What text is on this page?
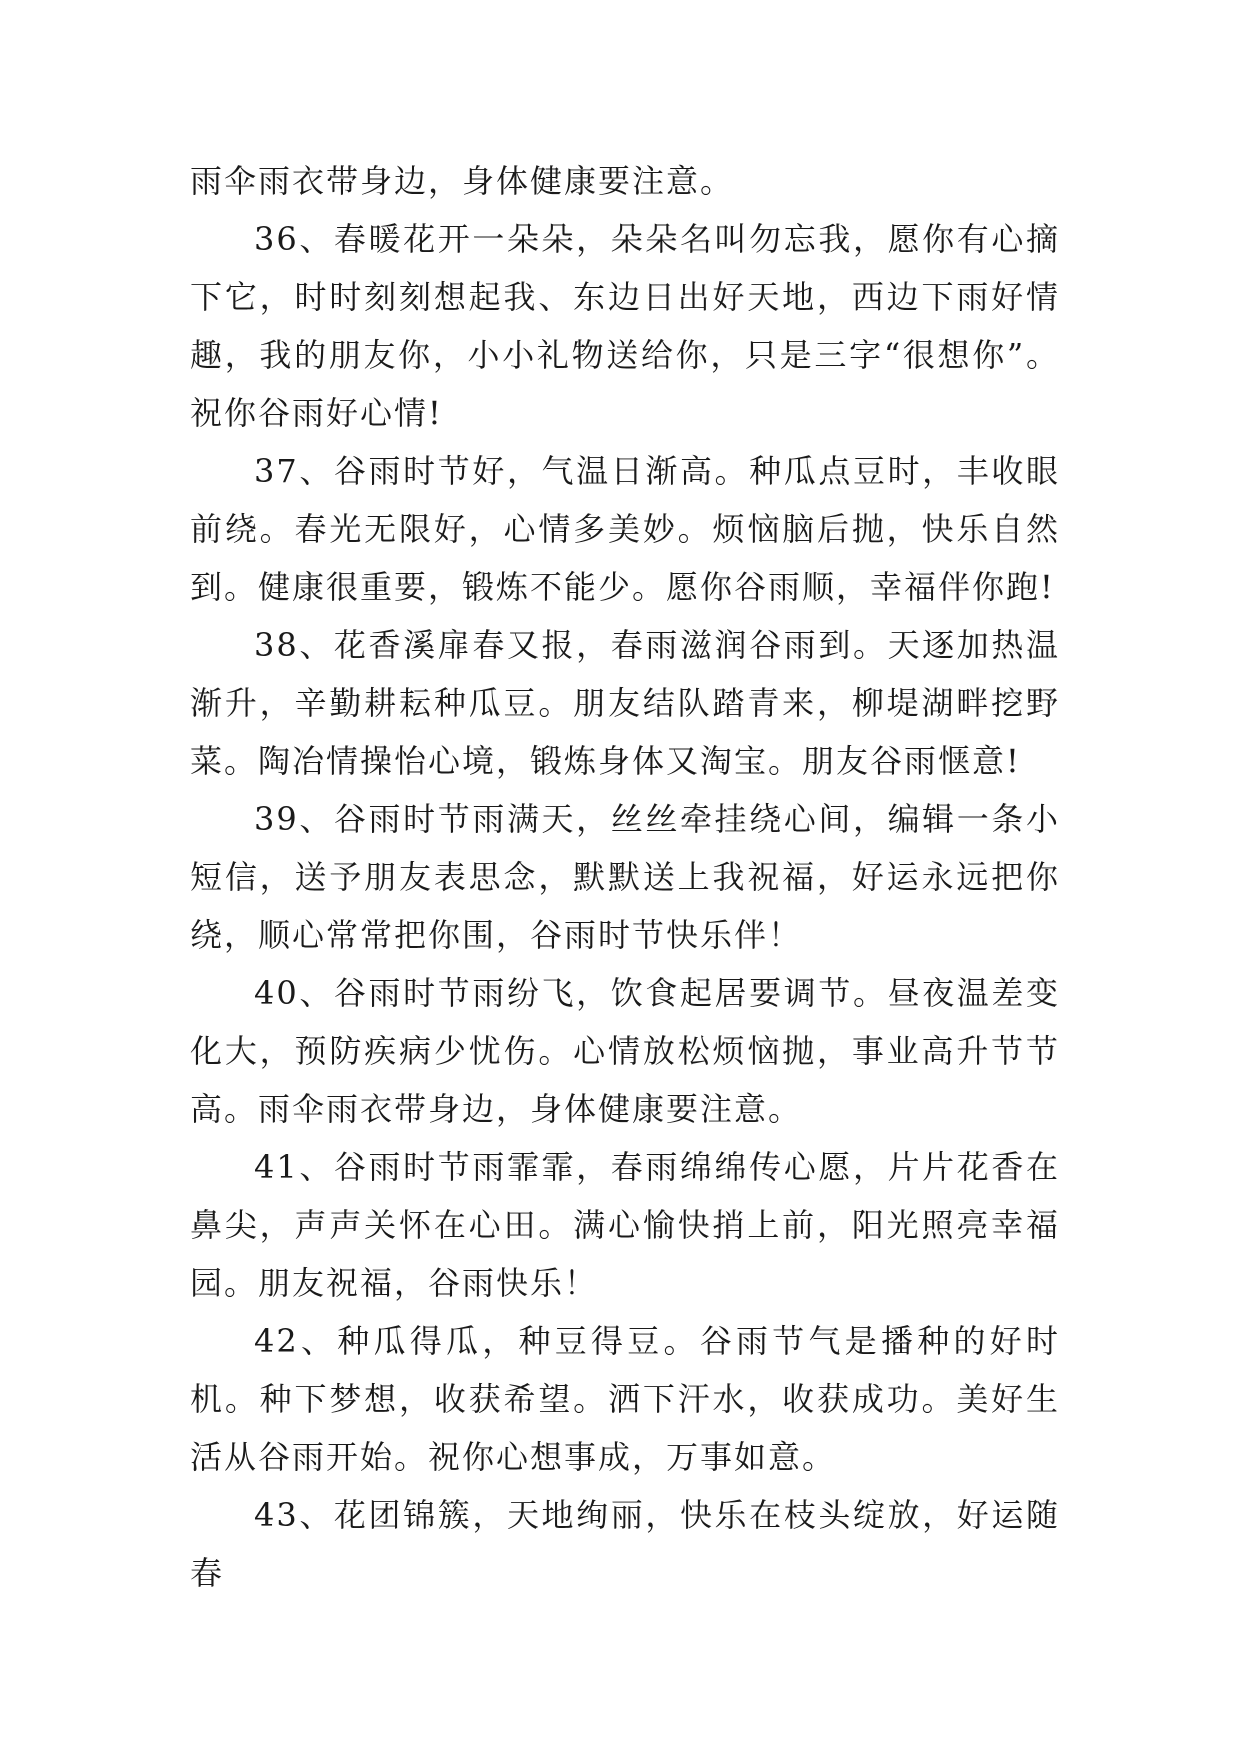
雨伞雨衣带身边，身体健康要注意。

36、春暖花开一朵朵，朵朵名叫勿忘我，愿你有心摘下它，时时刻刻想起我、东边日出好天地，西边下雨好情趣，我的朋友你，小小礼物送给你，只是三字“很想你”。祝你谷雨好心情!

37、谷雨时节好，气温日渐高。种瓜点豆时，丰收眼前绕。春光无限好，心情多美妙。烦恼脑后抛，快乐自然到。健康很重要，锻炼不能少。愿你谷雨顺，幸福伴你跑!

38、花香溪扉春又报，春雨滋润谷雨到。天逐加热温渐升，辛勤耕耘种瓜豆。朋友结队踏青来，柳堤湖畔挖野菜。陶冶情操怡心境，锻炼身体又淘宝。朋友谷雨惬意!

39、谷雨时节雨满天，丝丝牵挂绕心间，编辑一条小短信，送予朋友表思念，默默送上我祝福，好运永远把你绕，顺心常常把你围，谷雨时节快乐伴！

40、谷雨时节雨纷飞，饮食起居要调节。昼夜温差变化大，预防疾病少忧伤。心情放松烦恼抛，事业高升节节高。雨伞雨衣带身边，身体健康要注意。

41、谷雨时节雨霏霏，春雨绵绵传心愿，片片花香在鼻尖，声声关怀在心田。满心愉快捎上前，阳光照亮幸福园。朋友祝福，谷雨快乐！

42、种瓜得瓜，种豆得豆。谷雨节气是播种的好时机。种下梦想，收获希望。洒下汗水，收获成功。美好生活从谷雨开始。祝你心想事成，万事如意。

43、花团锦簇，天地绚丽，快乐在枝头绽放，好运随春
